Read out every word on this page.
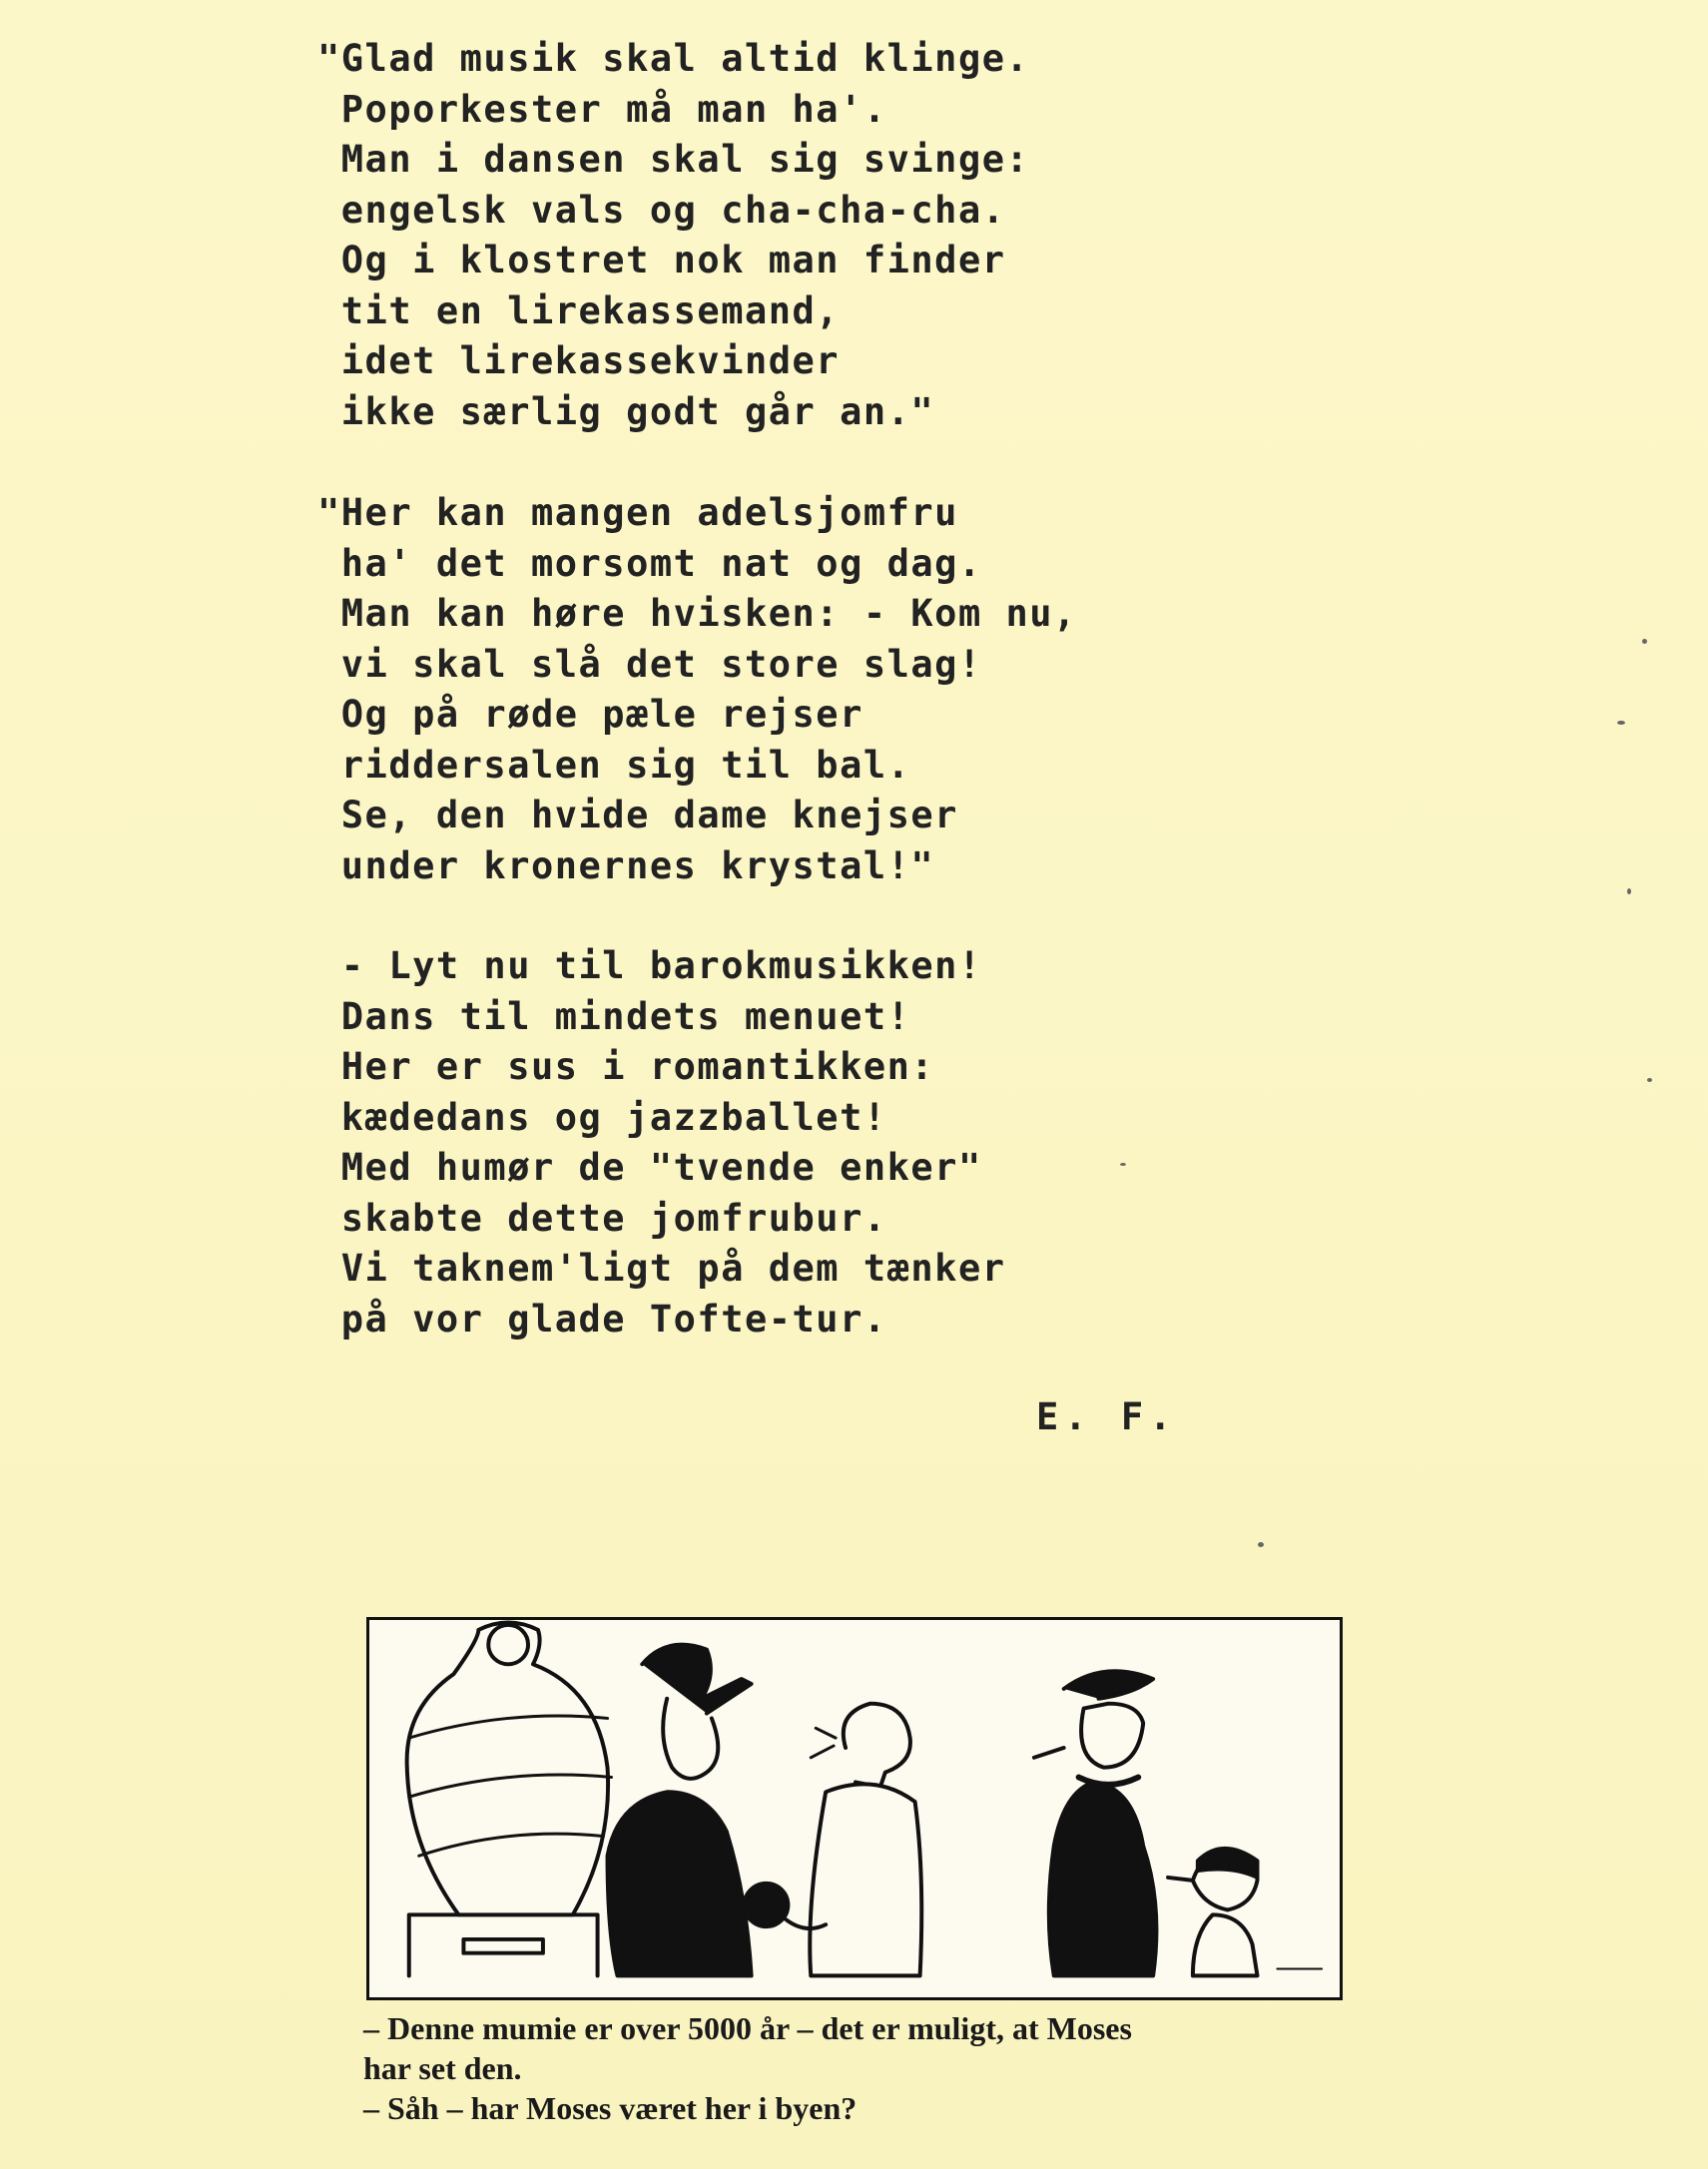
"Glad musik skal altid klinge.
Poporkester må man ha'.
Man i dansen skal sig svinge:
engelsk vals og cha-cha-cha.
Og i klostret nok man finder
tit en lirekassemand,
idet lirekassekvinder
ikke særlig godt går an."
"Her kan mangen adelsjomfru
ha' det morsomt nat og dag.
Man kan høre hvisken: - Kom nu,
vi skal slå det store slag!
Og på røde pæle rejser
riddersalen sig til bal.
Se, den hvide dame knejser
under kronernes krystal!"
- Lyt nu til barokmusikken!
Dans til mindets menuet!
Her er sus i romantikken:
kædedans og jazzballet!
Med humør de "tvende enker"
skabte dette jomfrubur.
Vi taknem'ligt på dem tænker
på vor glade Tofte-tur.
E. F.
– Denne mumie er over 5000 år – det er muligt, at Moses
har set den.
– Såh – har Moses været her i byen?
